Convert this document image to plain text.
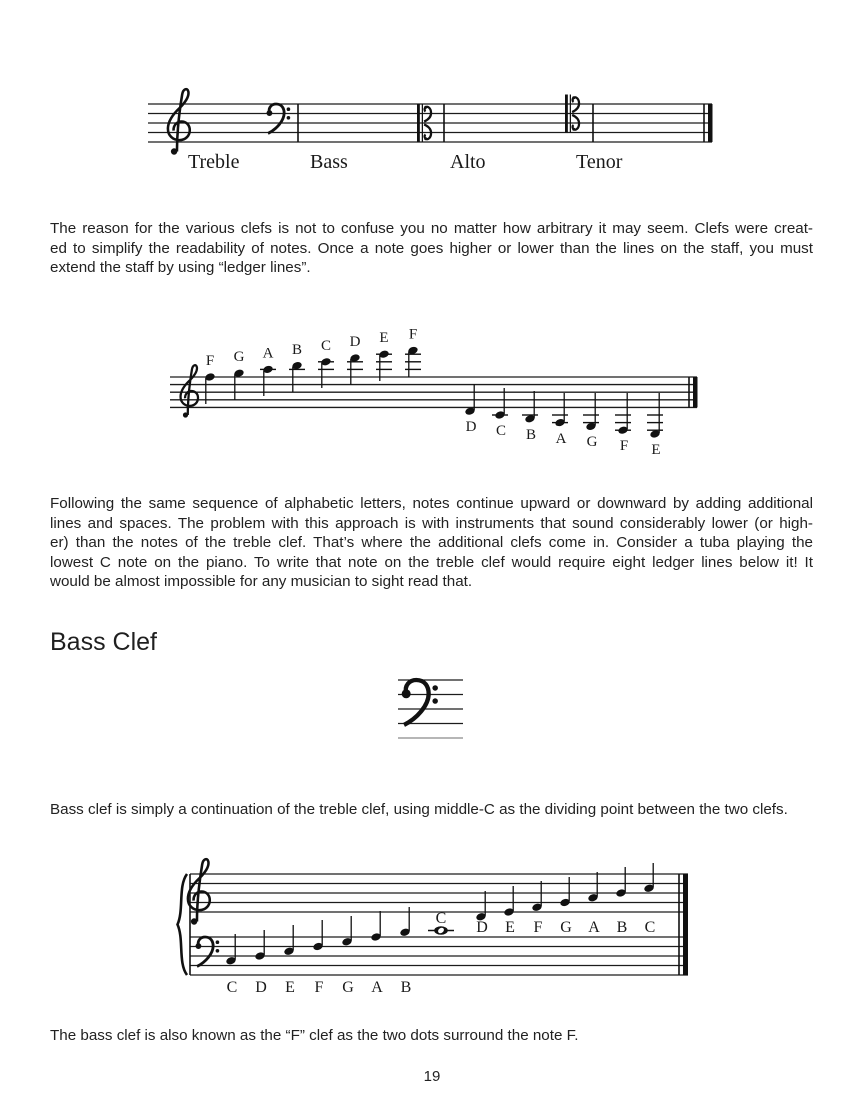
Treble	Bass	Alto	Tenor
The reason for the various clefs is not to confuse you no matter how arbitrary it may seem. Clefs were creat-
ed to simplify the readability of notes. Once a note goes higher or lower than the lines on the staff, you must
extend the staff by using “ledger lines”.
F G A B C D E F
D C B A G F E
Following the same sequence of alphabetic letters, notes continue upward or downward by adding additional
lines and spaces. The problem with this approach is with instruments that sound considerably lower (or high-
er) than the notes of the treble clef. That’s where the additional clefs come in. Consider a tuba playing the
lowest C note on the piano. To write that note on the treble clef would require eight ledger lines below it! It
would be almost impossible for any musician to sight read that.
Bass Clef
Bass clef is simply a continuation of the treble clef, using middle-C as the dividing point between the two clefs.
C D E F G A B
C
D E F G A B C
The bass clef is also known as the “F” clef as the two dots surround the note F.
19
